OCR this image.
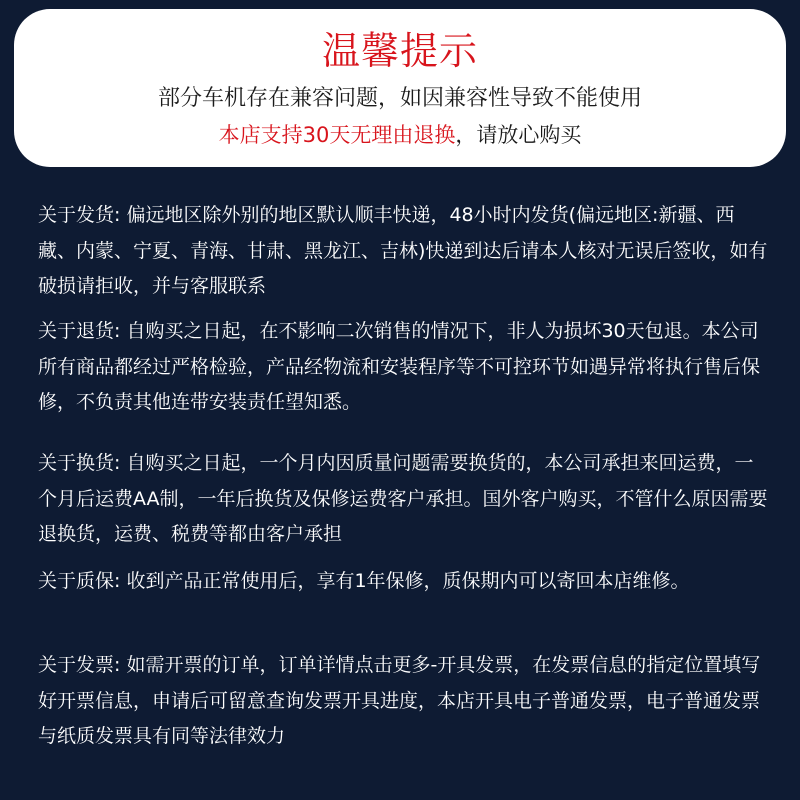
温馨提示
部分车机存在兼容问题，如因兼容性导致不能使用
本店支持30天无理由退换，请放心购买

关于发货: 偏远地区除外别的地区默认顺丰快递，48小时内发货(偏远地区:新疆、西藏、内蒙、宁夏、青海、甘肃、黑龙江、吉林)快递到达后请本人核对无误后签收，如有破损请拒收，并与客服联系

关于退货: 自购买之日起，在不影响二次销售的情况下，非人为损坏30天包退。本公司所有商品都经过严格检验，产品经物流和安装程序等不可控环节如遇异常将执行售后保修，不负责其他连带安装责任望知悉。

关于换货: 自购买之日起，一个月内因质量问题需要换货的，本公司承担来回运费，一个月后运费AA制，一年后换货及保修运费客户承担。国外客户购买，不管什么原因需要退换货，运费、税费等都由客户承担

关于质保: 收到产品正常使用后，享有1年保修，质保期内可以寄回本店维修。

关于发票: 如需开票的订单，订单详情点击更多-开具发票，在发票信息的指定位置填写好开票信息，申请后可留意查询发票开具进度，本店开具电子普通发票，电子普通发票与纸质发票具有同等法律效力
